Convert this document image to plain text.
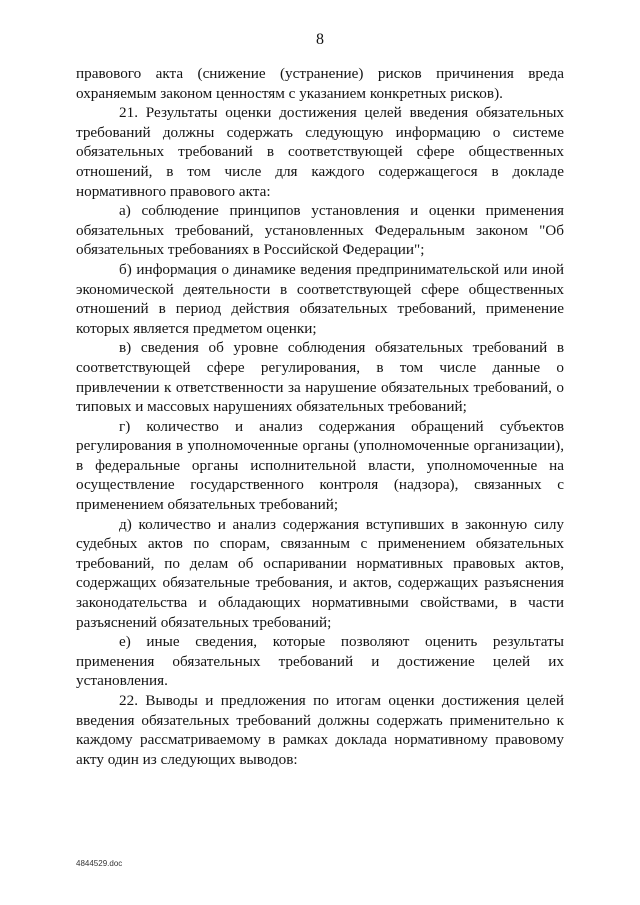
8

правового акта (снижение (устранение) рисков причинения вреда охраняемым законом ценностям с указанием конкретных рисков).

21. Результаты оценки достижения целей введения обязательных требований должны содержать следующую информацию о системе обязательных требований в соответствующей сфере общественных отношений, в том числе для каждого содержащегося в докладе нормативного правового акта:

а) соблюдение принципов установления и оценки применения обязательных требований, установленных Федеральным законом "Об обязательных требованиях в Российской Федерации";

б) информация о динамике ведения предпринимательской или иной экономической деятельности в соответствующей сфере общественных отношений в период действия обязательных требований, применение которых является предметом оценки;

в) сведения об уровне соблюдения обязательных требований в соответствующей сфере регулирования, в том числе данные о привлечении к ответственности за нарушение обязательных требований, о типовых и массовых нарушениях обязательных требований;

г) количество и анализ содержания обращений субъектов регулирования в уполномоченные органы (уполномоченные организации), в федеральные органы исполнительной власти, уполномоченные на осуществление государственного контроля (надзора), связанных с применением обязательных требований;

д) количество и анализ содержания вступивших в законную силу судебных актов по спорам, связанным с применением обязательных требований, по делам об оспаривании нормативных правовых актов, содержащих обязательные требования, и актов, содержащих разъяснения законодательства и обладающих нормативными свойствами, в части разъяснений обязательных требований;

е) иные сведения, которые позволяют оценить результаты применения обязательных требований и достижение целей их установления.

22. Выводы и предложения по итогам оценки достижения целей введения обязательных требований должны содержать применительно к каждому рассматриваемому в рамках доклада нормативному правовому акту один из следующих выводов:

4844529.doc
